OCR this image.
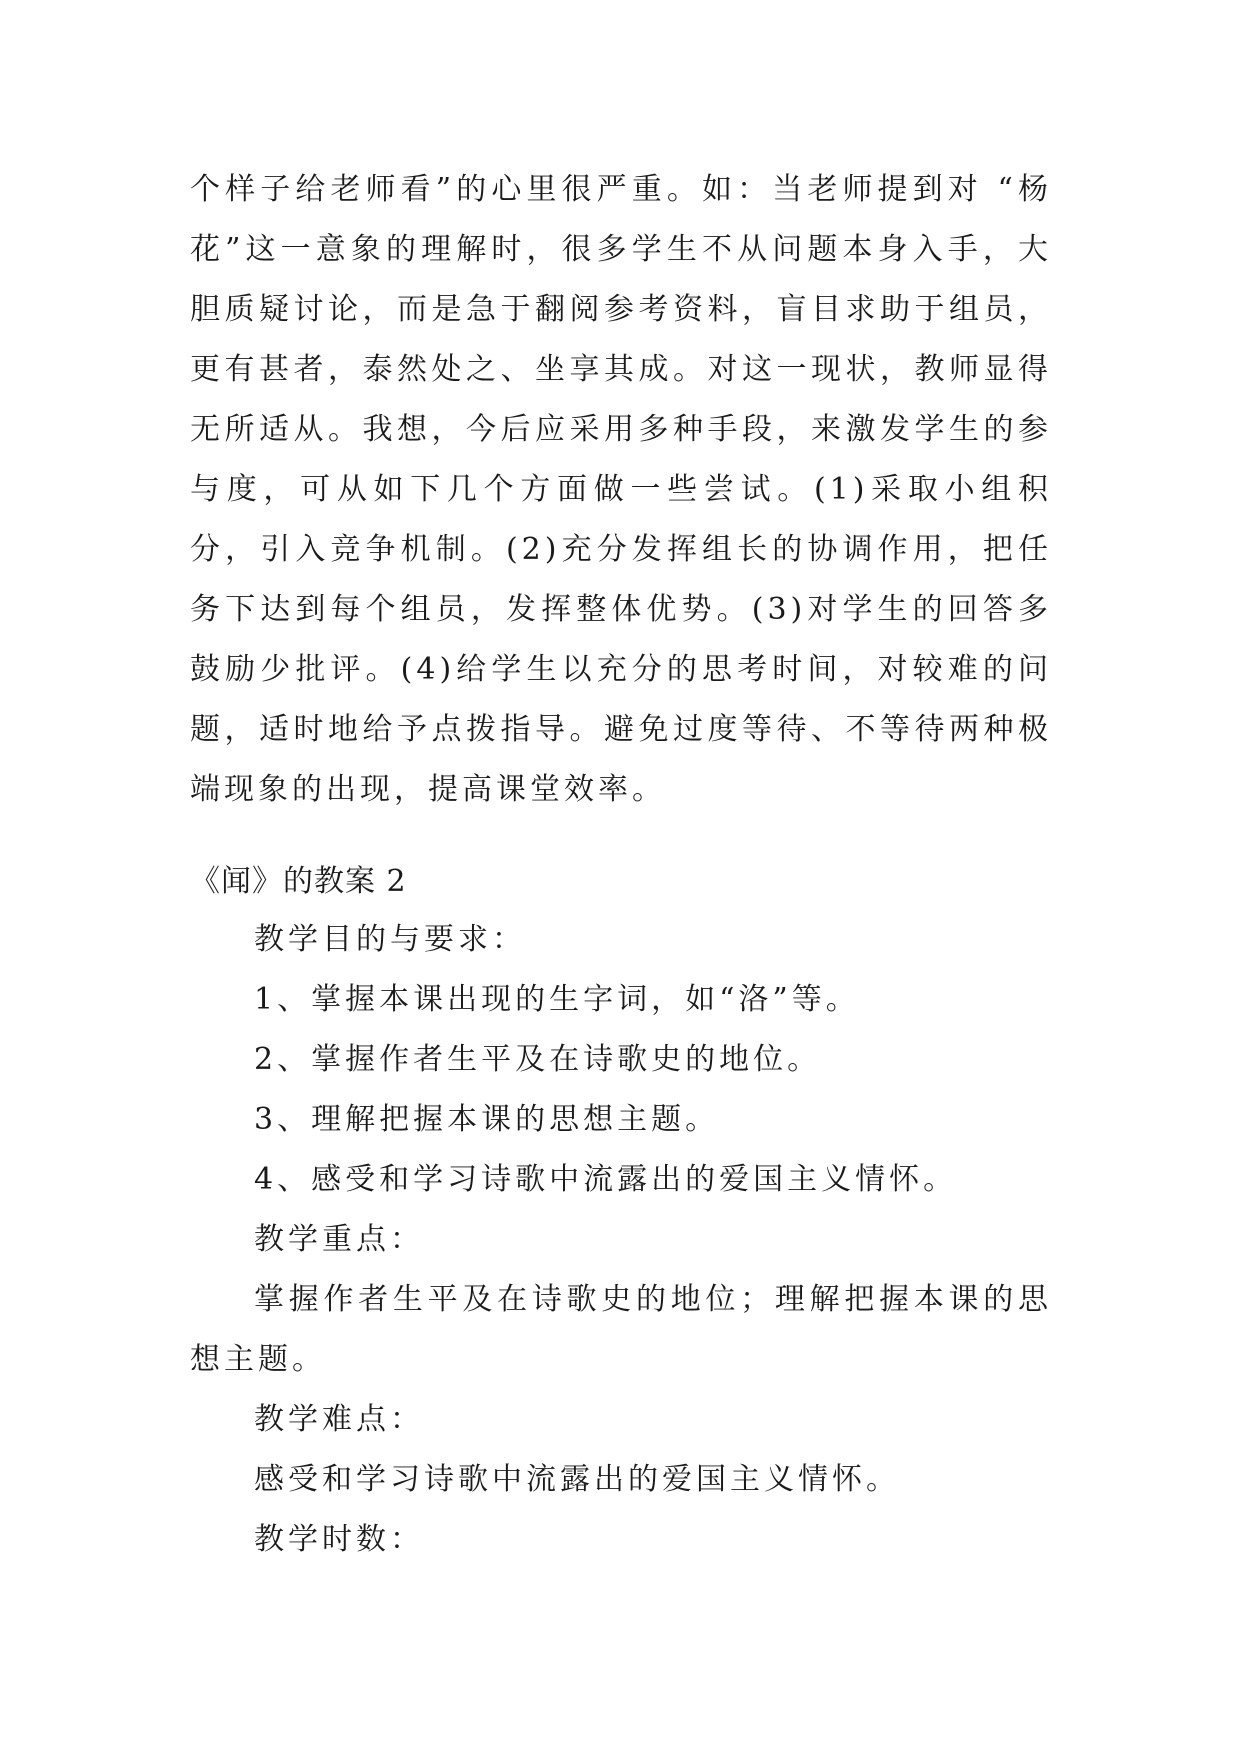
个样子给老师看”的心里很严重。如：当老师提到对 “杨花”这一意象的理解时，很多学生不从问题本身入手，大胆质疑讨论，而是急于翻阅参考资料，盲目求助于组员，更有甚者，泰然处之、坐享其成。对这一现状，教师显得无所适从。我想，今后应采用多种手段，来激发学生的参与度，可从如下几个方面做一些尝试。(1)采取小组积分，引入竞争机制。(2)充分发挥组长的协调作用，把任务下达到每个组员，发挥整体优势。(3)对学生的回答多鼓励少批评。(4)给学生以充分的思考时间，对较难的问题，适时地给予点拨指导。避免过度等待、不等待两种极端现象的出现，提高课堂效率。

《闻》的教案 2

教学目的与要求：

1、掌握本课出现的生字词，如“洛”等。

2、掌握作者生平及在诗歌史的地位。

3、理解把握本课的思想主题。

4、感受和学习诗歌中流露出的爱国主义情怀。

教学重点：

掌握作者生平及在诗歌史的地位；理解把握本课的思想主题。

教学难点：

感受和学习诗歌中流露出的爱国主义情怀。

教学时数：
